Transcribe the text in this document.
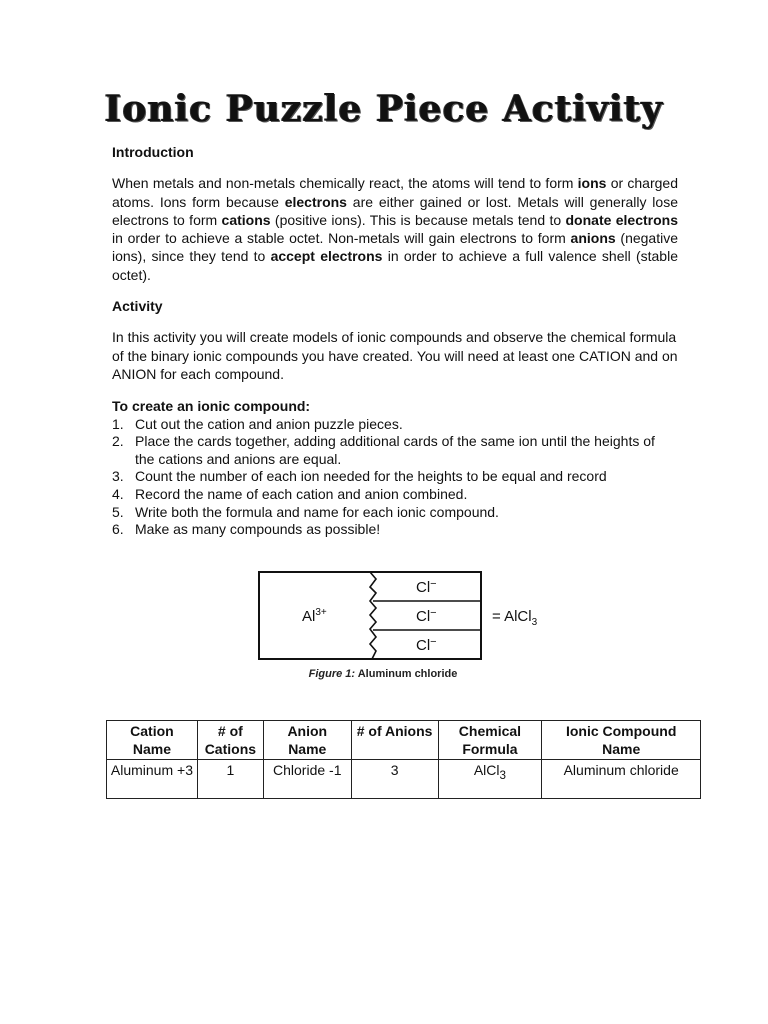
Ionic Puzzle Piece Activity
Introduction
When metals and non-metals chemically react, the atoms will tend to form ions or charged atoms. Ions form because electrons are either gained or lost. Metals will generally lose electrons to form cations (positive ions). This is because metals tend to donate electrons in order to achieve a stable octet. Non-metals will gain electrons to form anions (negative ions), since they tend to accept electrons in order to achieve a full valence shell (stable octet).
Activity
In this activity you will create models of ionic compounds and observe the chemical formula of the binary ionic compounds you have created. You will need at least one CATION and on ANION for each compound.
To create an ionic compound:
1. Cut out the cation and anion puzzle pieces.
2. Place the cards together, adding additional cards of the same ion until the heights of the cations and anions are equal.
3. Count the number of each ion needed for the heights to be equal and record
4. Record the name of each cation and anion combined.
5. Write both the formula and name for each ionic compound.
6. Make as many compounds as possible!
$Al^{3+}$
Cl−
Cl−
Cl−
= AlCl$_3$
Figure 1: Aluminum chloride
Cation Name	# of Cations	Anion Name	# of Anions	Chemical Formula	Ionic Compound Name
Aluminum +3	1	Chloride -1	3	AlCl$_3$	Aluminum chloride
